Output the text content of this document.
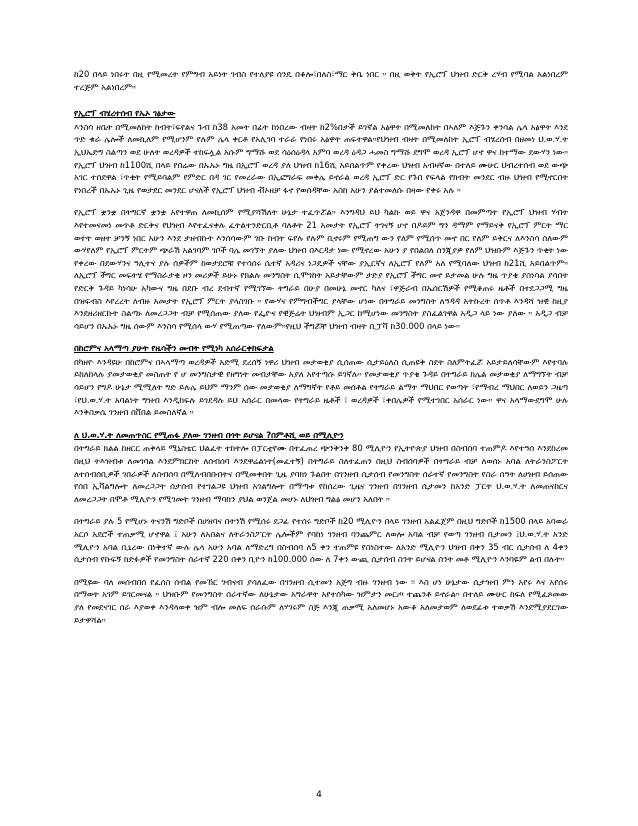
ከ20 በላይ ነበሩት በዚ የሚመረት የምግብ አይነት ገብስ የተለያዩ ሰንዴ በቆሎ፣በለስ፣ማር ቅቤ ነበር ። በዚ ወቅት የኢሮፕ ህዝብ ድርቅ ረሃብ የሚባል አልነበረም ተረጅም አልነበረም።

የኢሮፕ ብሄረተሰብ የኡኦ ገፅታው

እንስሳ ዘቤት በሚመለከት ከብት፣ፍየልና ጉብ ከ38 አመት በፊት ከነበረው ብዛት ከ2%በታች ይገኛል አፅዋት በሚመለከት በኣለም እጅጉን ቀንሳል ሌላ አፅዋት እንደ ጥድ ቁራ ሌሎች ለመኪለም የሚሆንም የሉም ሌላ ቀርቶ የአሊገባ ተራራ የነበሩ አፅዋት ጠፍተዋል።የህዝብ ብዛት በሚመለከት ኢሮፕ ብሄረሰብ በዘመነ ህ.ወ.ሃ.ት ኢህኤድግ ስልጣን ወደ ሁለት ወረዳዎች ተከፍሏል አሱም ግማሹ ወደ ሳዕሰዕዳላ አምባ ወረዳ ዕዳጋ ሓመስ ግማሹ ደግሞ ወረዳ ኢሮፕ ሆኖ ዋና ከተማው ደውሃን ነው። የኢሮፕ ህዝብ ከ1100ሺ በላይ የበሬው በኡኡኑ ግዜ በኢሮፕ ወረዳ ያለ ህዝብ ከ16ሺ አይበልጥም የቀረው ህዝብ አብዛኛው በተለይ ሙሁር ህብረተሰብ ወደ ውጭ አገር ተሰደዋል ፣ጥቂት የሚይባልም የምድር በዳ ገር የመረራው በኢፎግራፍ መቀሌ ይኖራል ወረዳ ኢሮፕ ድር የጉበ የፍላል የክብት መንደር ብዙ ህዝብ የሚኖርበት የነበረች በኡኡኑ ጊዜ የወታደር መንደር ሆናለች የኢሮፕ ህዝብ ቭኦዘቻ ፋኖ የወሰዳቸው አስከ አሁን ያልተመለሱ በዛው የቀሩ አሉ ።

የኢሮፕ ቋንቋ በትግርኛ ቋንቋ አየተዋጠ ለመኪሰም የሚያሻሽለት ሁኔታ ተፈጥሯል። እንግዳህ ይህ ካልኩ ወይ ዋና አጀንዳዋ በመምጣት የኢሮፕ ህዝብ ሃብት እየተመናመነ መጥቶ ድርቅና የህዝብ እየተፈናቀሉ ፈትልተንድርቢቶ ባለቶት 21 አመታት የኢሮፕ ትገናኝ ሆኖ በዶይም ግን ዳማም የማይናቅ የኢሮፕ ምርት ማር ወተት ወዘተ ቻንኝ ነበር አሁን እንደ ታዘብኩት እንሰሳውም ገቡ ከብት ፍየሉ የሉም ቢኖሩም የሚጠግ ውን የለም የሚሰጥ መኖ በር የለም ይቅርና ለእንስሳ ሰለውም ውሃየለም የኢሮፕ ምርትም ጭራሽ አልገባም ገቦች ባሌ መገኘት ያለው ህዝብ በእርዳታ ነው የሚኖረው አሁን ያ የበልበለ ሰንጂያዎ የለም ህዝቡም እጅጉን ጥቂት ነው የቀረው በደውሃንና ዓሊተና ያሉ ሰዎችም ከወታደሮቹ የተሳሰሩ ሴተኛ አዳሪና ነጋዴዎች ናቸው ያኢርኛና ለኢሮፕ የለም አለ የሚባለው ህዝብ ከ21ሺ አይበልጥም። ለኢሮፕ ችግር መፍትሄ የማስራታቂ ዞን መሪዎች ይሁኑ የክልሉ መንግስት ሲሞገከት አይታቸውም ታድያ የኢሮፕ ችግር መኖ ይታመል ሁሉ ግዜ ጥያቄ ያስነሳል ያሳበት የድርቅ ጉዳይ ካነሳሁ አካውና ግዜ በደቡ ብረ ደብተኛ የሚገኘው ትግራይ በሁያ በመሁኔ መኖር ካለና ፣ዋጅራብ በኤሰርሽዎች የሚቆጠሩ ዜቶች በተደጋጋሚ ግዜ በዝፍብስ እየረረት ለብዙ አመታት የኢሮፕ ምርት ያላስገቡ ። የውሃና የምግብችግር ያላቸው ሆነው በትግራይ መንግስት ለዓዳዳ አትኩረት ሰጥቶ እንዳሻ ዝዊ ከዚያ እንደዘሪዘርኩት ስልጣኑ ለመረጋጋት ብቻ የሚሰጠው ያለው የፌዮና የዊጅሬት ህዝብም ኢጋር ከሚሆነው መንግስት ያስፈልገዋል አዲጋ ላይ ነው ያለው ። አዲጋ ብቻ ሳይሆን በኡኡኑ ግዜ ሰውም እንስሳ የሚሰላ ውሃ የሚጠጣው የለውም።የዚህ ችግሯቸ ህዝብ ብዛት ቢፓቫ ከ30.000 በላይ ነው።

በከሮምና አላማጣ ያሁት የዜሳችን መብት የሚነካ አሰራርቀከፍታል

በካዘዮ እንዳዩሁ በከሮምና በኣላማጣ ወረዳዎች አድሚ ደረሰኝ ነዋሪ ህዝብ መታወቂያ ሲሰጠው ሲታይዕለስ ሲጠዩቅ ስደት ስለምትፈሯ አይታይለሳቸውም እየተባሉ ይከለከላሉ ያመታወቂያ መስጠት የ ሆ መንግስታዊ የዘግነት መብታቸው አያለ አየተጣሱ ይገኛሉ። የመታወቂያ ጥያቄ ጉዳይ በትግራይ ክሌል መታወቂያ ለማግኘት ብቻ ሳይሆን የግዶ ሁኔታ ሚሚለት ግድ ይሉሌ ይህም ማንም ሰው መታወቂያ ለማግኛት የቶይ መሰቶል የትግራይ ልማት ማህበር የወጣት ፣የማብረ ማህበር ለወይን ጋዜጣ ፣የህ.ወ.ሃ.ት አባልነት ግዝብ እንዲከፍሉ ይገደዳሉ ይህ አሰራር በመላው የትግራይ ዜቶች ፣ ወረዳዎች ፣ቀበሌዎች የሚተገበር አሰራር ነው። ዋና አላማውደግሞ ሁሉ እንቅስቃሴ ገንዘብ በቨበል ይመስለኛል ።

ለ ህ.ወ.ሃ.ት ለመጠጥስር የሚጠፋ ያለው ገንዘብ በጎት ይሆናል ?በምቶሺ ወይ በሚሊዮን

በትግራይ ክልል ከዘርር ጠቅላይ ሚኒስቴር ህልፈት ተከትሎ በፓርቲየሙ በተፈጠረ ጭንቅንቅ 80 ሚሊዮን የኢትዮጵያ ህዝብ በስብሰባ ተጠምዶ እየተዓሰ እንደከረመ በዚህ ትእዝብቱ ለመገባል እንደምክርከት ለሰብሰባ እንደዋሬልነት(መፈተኝ) በትግራይ ስለተፈጠን በዚህ ስብሰባዎች በትግራይ ብቻ ለወሰኑ አባል ለትራንስፖርት ለተሰብሰቢዎች ገበራዎች ለስብሰባ በሚለብበቡበትና በሚመቀበት ጊዜ ያባክነ ጉልበት በገንዘብ ሲታሰብ የመንግስት ሰራተኛ የመንግስት የስራ ሰዓት ለሀዝብ ይሰጠው የሰበ ኢቫልግሎት ለመረጋጋት ሰታሰብ የተገልጋዩ ህዝብ አገልግሎት በማጣቱ የከሰረው ጊዜና ገንዘብ በገንዘብ ሲታመን ከአንድ ፓርት ህ.ወ.ሃ.ት ለመጠናከርና ለመረጋጋት በሞቶ ሚሊዮን የሚገመት ገንዘብ ማባክን ያህል ወንጀል መሆኑ ለህዝብ ግልፅ መሆን አለበት ።

በትግራይ ያሉ 5 የሚሆኑ ትናንሽ ግድቦች በሀዝባና በትንሽ የሚሰሩ ደጋፊ የተሰሩ ግድቦች ከ20 ሚሊዮን በላይ ገንዘብ አልፈጀም በዚህ ግድቦች ከ1500 በላይ አባወራ አርሶ አደሮች ተጠቃሚ ሆኖዋል ፤ አሁን ለአበልና ለትራንስፖርት ሌሎችም የባከነ ገንዘብ ባንጨምር ለወሎ አባል ብቻ የወጣ ገንዘብ ቢታመን ፤ህ.ወ.ሃ.ት አንድ ሚሊዮን አባል ቢኒረው በነቅተኛ ውሉ ሌላ አሁን አባል ለማድረግ በስብሰባ ለ5 ቀን ተጠምዩ የስነስተው ለአንድ ሚሊዮን ህዝብ በቀን 35 ብር ሲታሰብ ለ 4ቀን ሲታሰብ የኩፍኝ ክድፉዎች የመንግስት ሰራተኛ 220 በቀን ቢዮን ከ100.000 ሰው ለ 7ቀን ውጪ ሲታሰብ ስንት ይሆናል ሰንት መቶ ሚሊዮን እንባዬም ልብ በሉት።

በሚዩው ባለ መሰብበሰ የፈሰስ ሰብል የመኸር ገብናብ ያሳለፈው በገንዘብ ሲተመን አጅግ ብዙ ገንዘብ ነው ፡፡ እስ ሆነ ሁኔታው ሲታዝብ ምን አየሩ እና አየሰሩ በማወት አገም ይገርመናል ። ህዝቡም የመንግስት ሰራተኛው ለሁኔታው አግራዋት አየተሰካው ዝምታን መርጦ ተጨንቶ ይኖራል። በተለይ ሙሁር ከፍለ የሚፈጾመው ያለ የመደናገር ሰራ እያወቀ እንዳላወቀ ዝም ብሎ መለፍ ሰራሱም ለሃገሩም ስጅ እንጂ ጠቃሚ አለመሆኑ አውቆ አለመታወም ለወደፊቱ ተወቃሽ እንደሚያደርገው ይታዋሻል።

4
